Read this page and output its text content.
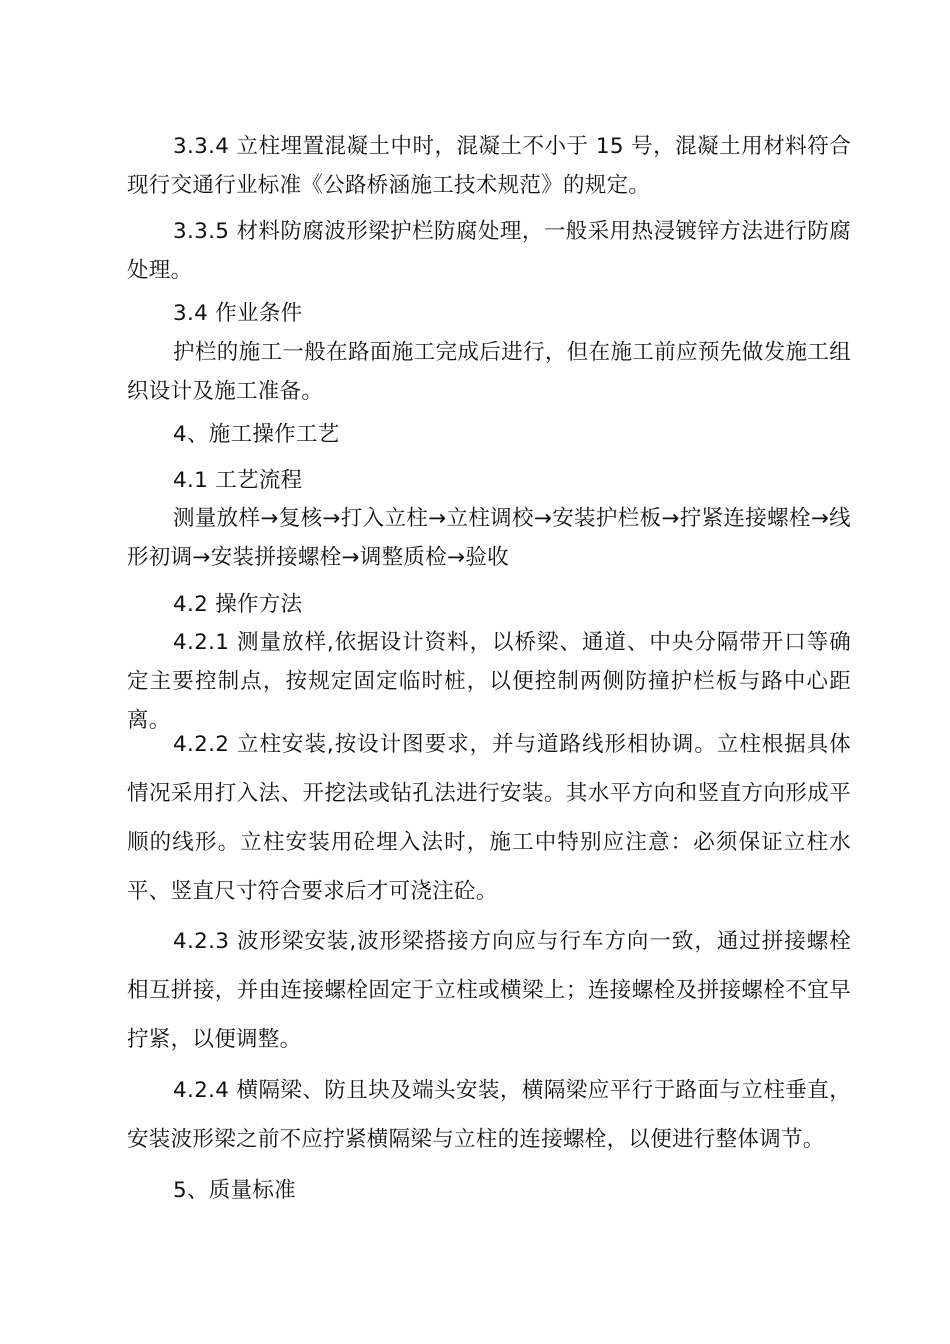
3.3.4 立柱埋置混凝土中时，混凝土不小于 15 号，混凝土用材料符合现行交通行业标准《公路桥涵施工技术规范》的规定。

3.3.5 材料防腐波形梁护栏防腐处理，一般采用热浸镀锌方法进行防腐处理。

3.4 作业条件

护栏的施工一般在路面施工完成后进行，但在施工前应预先做发施工组织设计及施工准备。

4、施工操作工艺

4.1 工艺流程

测量放样→复核→打入立柱→立柱调校→安装护栏板→拧紧连接螺栓→线形初调→安装拼接螺栓→调整质检→验收

4.2 操作方法

4.2.1 测量放样,依据设计资料，以桥梁、通道、中央分隔带开口等确定主要控制点，按规定固定临时桩，以便控制两侧防撞护栏板与路中心距离。

4.2.2 立柱安装,按设计图要求，并与道路线形相协调。立柱根据具体情况采用打入法、开挖法或钻孔法进行安装。其水平方向和竖直方向形成平顺的线形。立柱安装用砼埋入法时，施工中特别应注意：必须保证立柱水平、竖直尺寸符合要求后才可浇注砼。

4.2.3 波形梁安装,波形梁搭接方向应与行车方向一致，通过拼接螺栓相互拼接，并由连接螺栓固定于立柱或横梁上；连接螺栓及拼接螺栓不宜早拧紧，以便调整。

4.2.4 横隔梁、防且块及端头安装，横隔梁应平行于路面与立柱垂直，安装波形梁之前不应拧紧横隔梁与立柱的连接螺栓，以便进行整体调节。

5、质量标准
